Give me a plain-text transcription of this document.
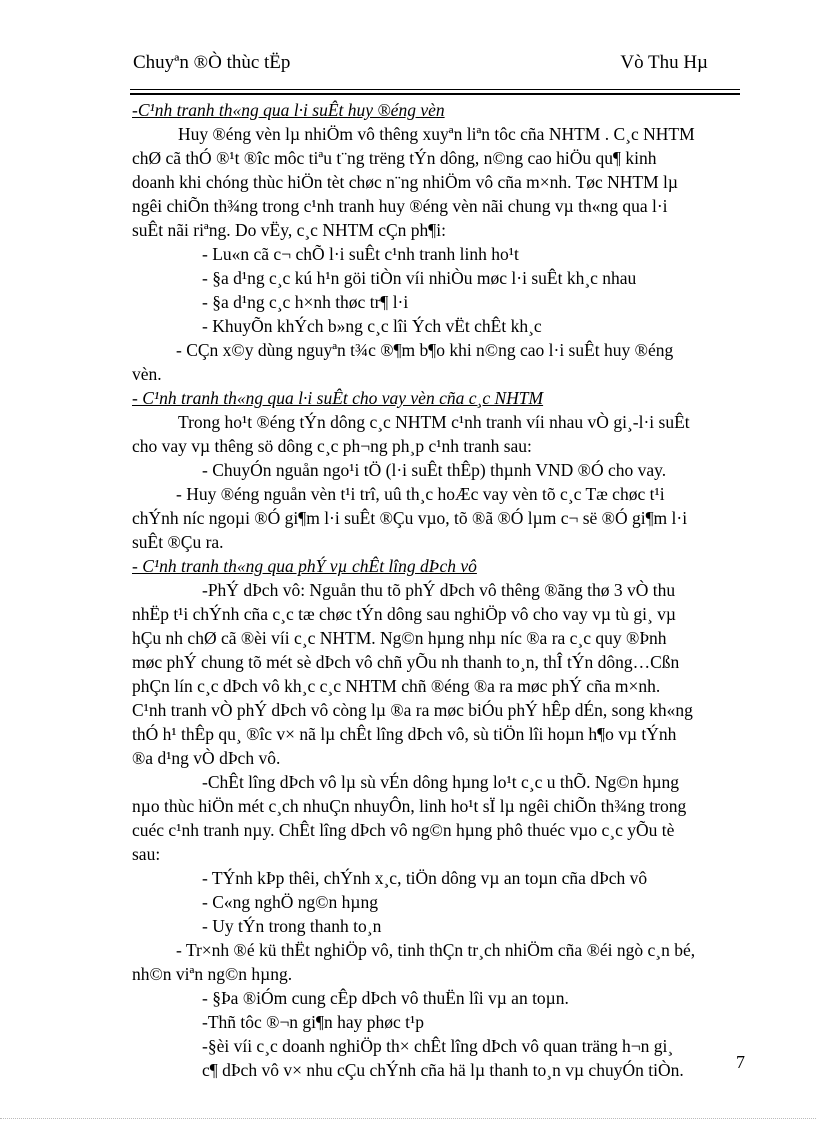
Chuyªn ®Ò thùc tËp	Vò Thu Hµ
-C¹nh tranh th«ng qua l·i suÊt huy ®éng vèn
Huy ®éng vèn lµ nhiÖm vô thêng xuyªn liªn tôc cña NHTM . C¸c NHTM
chØ cã thÓ ®¹t ®îc môc tiªu t¨ng trëng tÝn dông, n©ng cao hiÖu qu¶ kinh
doanh khi chóng thùc hiÖn tèt chøc n¨ng nhiÖm vô cña m×nh. Tøc NHTM lµ
ngêi chiÕn th¾ng trong c¹nh tranh huy ®éng vèn nãi chung vµ th«ng qua l·i
suÊt nãi riªng. Do vËy, c¸c NHTM cÇn ph¶i:
- Lu«n cã c¬ chÕ l·i suÊt c¹nh tranh linh ho¹t
- §a d¹ng c¸c kú h¹n göi tiÒn víi nhiÒu møc l·i suÊt kh¸c nhau
- §a d¹ng c¸c h×nh thøc tr¶ l·i
- KhuyÕn khÝch b»ng c¸c lîi Ých vËt chÊt kh¸c
- CÇn x©y dùng nguyªn t¾c ®¶m b¶o khi n©ng cao l·i suÊt huy ®éng
vèn.
- C¹nh tranh th«ng qua l·i suÊt cho vay vèn cña c¸c NHTM
Trong ho¹t ®éng tÝn dông c¸c NHTM c¹nh tranh víi nhau vÒ gi¸-l·i suÊt
cho vay vµ thêng sö dông c¸c ph¬ng ph¸p c¹nh tranh sau:
- ChuyÓn nguån ngo¹i tÖ (l·i suÊt thÊp) thµnh VND ®Ó cho vay.
- Huy ®éng nguån vèn t¹i trî, uû th¸c hoÆc vay vèn tõ c¸c Tæ chøc t¹i
chÝnh níc ngoµi ®Ó gi¶m l·i suÊt ®Çu vµo, tõ ®ã ®Ó lµm c¬ së ®Ó gi¶m l·i
suÊt ®Çu ra.
- C¹nh tranh th«ng qua phÝ vµ chÊt lîng dÞch vô
-PhÝ dÞch vô: Nguån thu tõ phÝ dÞch vô thêng ®ãng thø 3 vÒ thu
nhËp t¹i chÝnh cña c¸c tæ chøc tÝn dông sau nghiÖp vô cho vay vµ tù gi¸ vµ
hÇu nh chØ cã ®èi víi c¸c NHTM. Ng©n hµng nhµ níc ®a ra c¸c quy ®Þnh
møc phÝ chung tõ mét sè dÞch vô chñ yÕu nh thanh to¸n, thÎ tÝn dông…Cßn
phÇn lín c¸c dÞch vô kh¸c c¸c NHTM chñ ®éng ®a ra møc phÝ cña m×nh.
C¹nh tranh vÒ phÝ dÞch vô còng lµ ®a ra møc biÓu phÝ hÊp dÉn, song kh«ng
thÓ h¹ thÊp qu¸ ®îc v× nã lµ chÊt lîng dÞch vô, sù tiÖn lîi hoµn h¶o vµ tÝnh
®a d¹ng vÒ dÞch vô.
-ChÊt lîng dÞch vô lµ sù vÉn dông hµng lo¹t c¸c u thÕ. Ng©n hµng
nµo thùc hiÖn mét c¸ch nhuÇn nhuyÔn, linh ho¹t sÏ lµ ngêi chiÕn th¾ng trong
cuéc c¹nh tranh nµy. ChÊt lîng dÞch vô ng©n hµng phô thuéc vµo c¸c yÕu tè
sau:
- TÝnh kÞp thêi, chÝnh x¸c, tiÖn dông vµ an toµn cña dÞch vô
- C«ng nghÖ ng©n hµng
- Uy tÝn trong thanh to¸n
- Tr×nh ®é kü thËt nghiÖp vô, tinh thÇn tr¸ch nhiÖm cña ®éi ngò c¸n bé,
nh©n viªn ng©n hµng.
- §Þa ®iÓm cung cÊp dÞch vô thuËn lîi vµ an toµn.
-Thñ tôc ®¬n gi¶n hay phøc t¹p
-§èi víi c¸c doanh nghiÖp th× chÊt lîng dÞch vô quan träng h¬n gi¸
c¶ dÞch vô v× nhu cÇu chÝnh cña hä lµ thanh to¸n vµ chuyÓn tiÒn.	7
